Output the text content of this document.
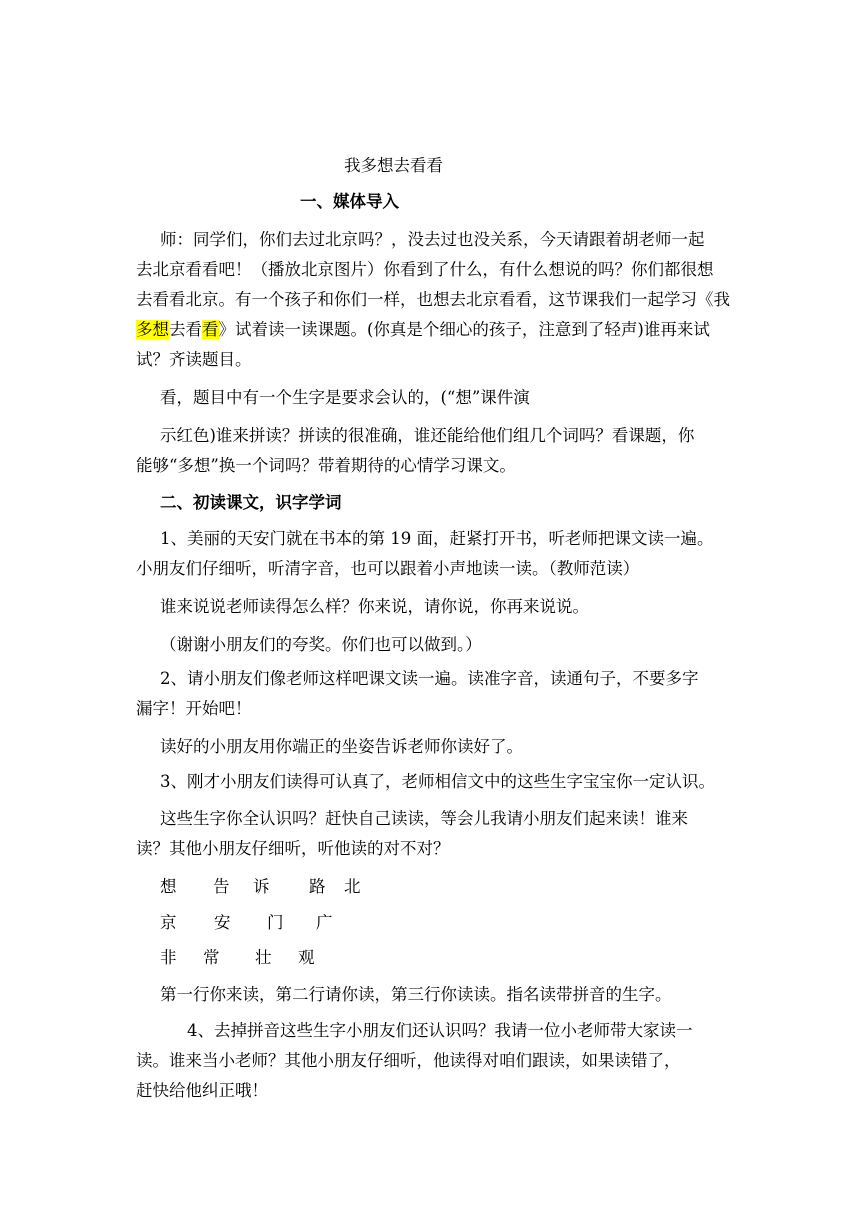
我多想去看看
一、媒体导入
师：同学们，你们去过北京吗？，没去过也没关系，今天请跟着胡老师一起
去北京看看吧！（播放北京图片）你看到了什么，有什么想说的吗？你们都很想
去看看北京。有一个孩子和你们一样，也想去北京看看，这节课我们一起学习《我
多想去看看》试着读一读课题。(你真是个细心的孩子，注意到了轻声)谁再来试
试？齐读题目。
看，题目中有一个生字是要求会认的，(“想”课件演
示红色)谁来拼读？拼读的很准确，谁还能给他们组几个词吗？看课题，你
能够“多想”换一个词吗？带着期待的心情学习课文。
二、初读课文，识字学词
1、美丽的天安门就在书本的第 19 面，赶紧打开书，听老师把课文读一遍。
小朋友们仔细听，听清字音，也可以跟着小声地读一读。（教师范读）
谁来说说老师读得怎么样？你来说，请你说，你再来说说。
（谢谢小朋友们的夸奖。你们也可以做到。）
2、请小朋友们像老师这样吧课文读一遍。读准字音，读通句子，不要多字
漏字！开始吧！
读好的小朋友用你端正的坐姿告诉老师你读好了。
3、刚才小朋友们读得可认真了，老师相信文中的这些生字宝宝你一定认识。
这些生字你全认识吗？赶快自己读读，等会儿我请小朋友们起来读！谁来
读？其他小朋友仔细听，听他读的对不对？
想 告 诉 路 北
京 安 门 广
非 常 壮 观
第一行你来读，第二行请你读，第三行你读读。指名读带拼音的生字。
4、去掉拼音这些生字小朋友们还认识吗？我请一位小老师带大家读一
读。谁来当小老师？其他小朋友仔细听，他读得对咱们跟读，如果读错了，
赶快给他纠正哦！
